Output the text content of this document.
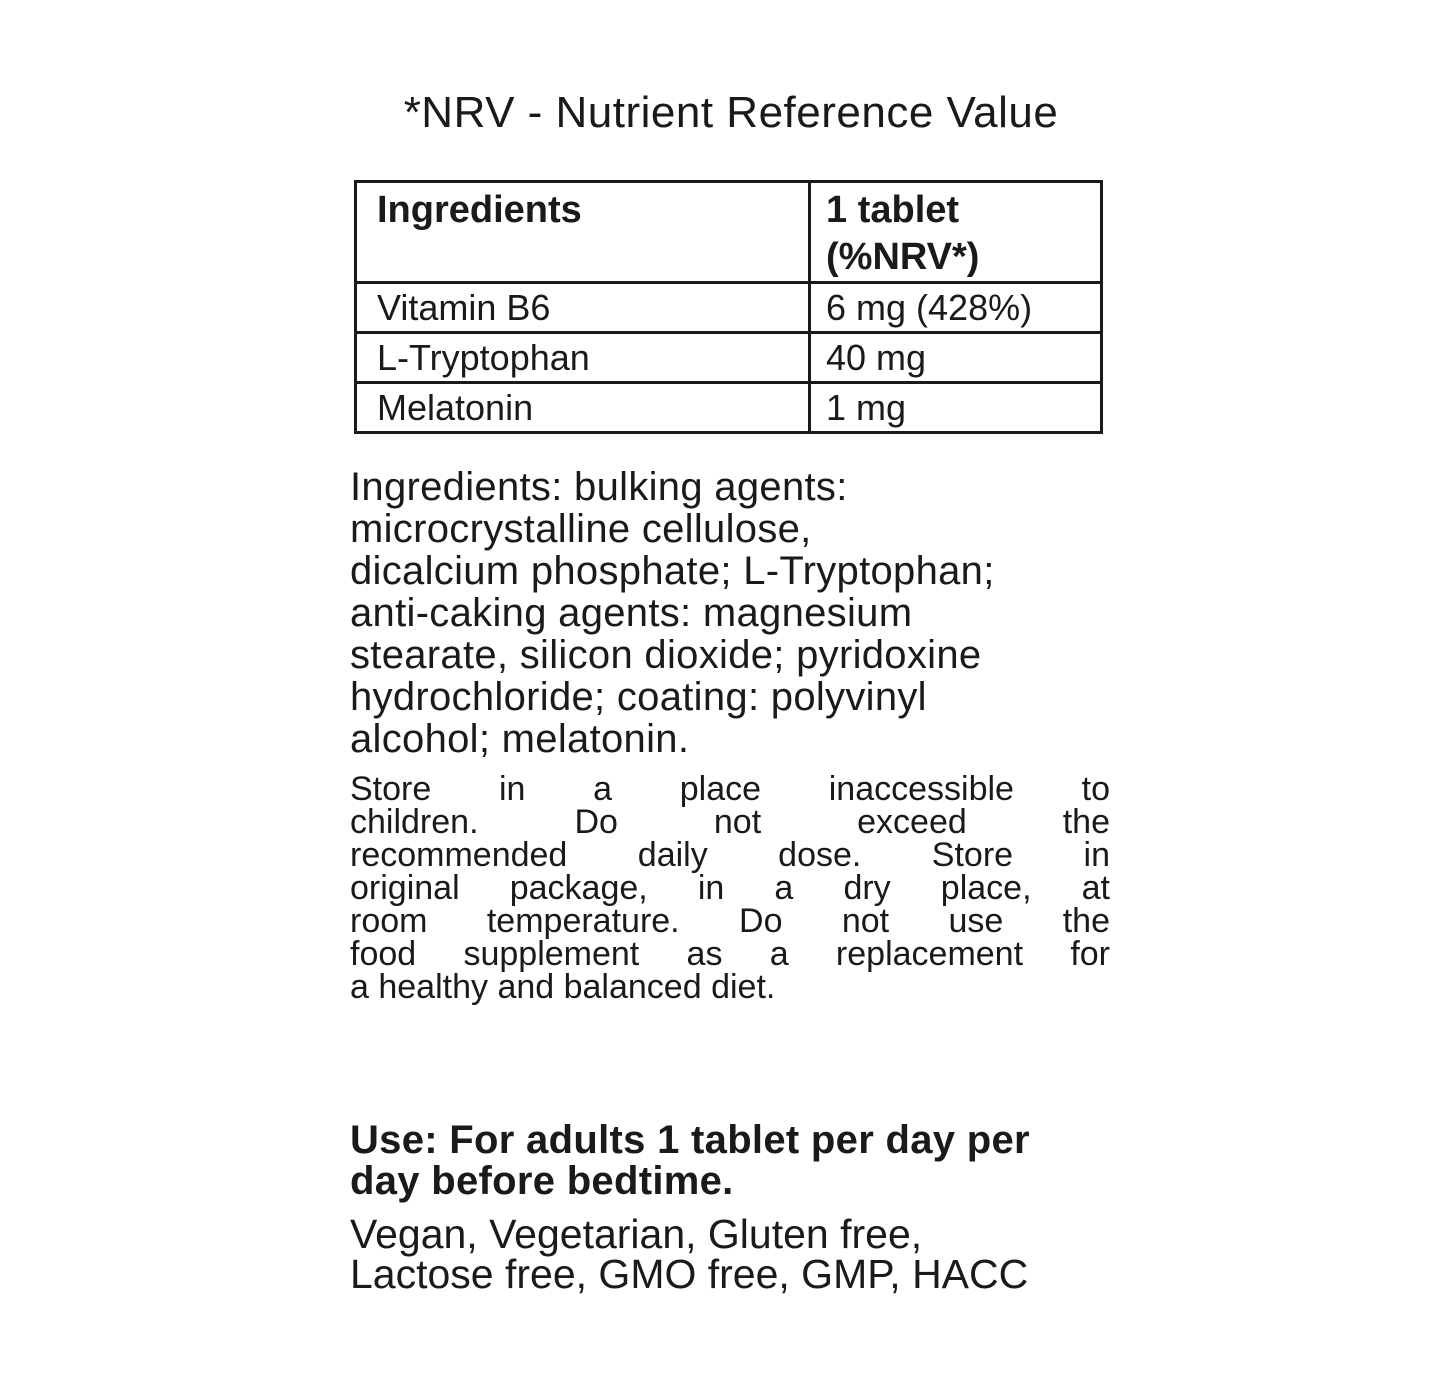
*NRV - Nutrient Reference Value
Ingredients	1 tablet (%NRV*)
Vitamin B6	6 mg (428%)
L-Tryptophan	40 mg
Melatonin	1 mg
Ingredients: bulking agents:
microcrystalline cellulose,
dicalcium phosphate; L-Tryptophan;
anti-caking agents: magnesium
stearate, silicon dioxide; pyridoxine
hydrochloride; coating: polyvinyl
alcohol; melatonin.
Store in a place inaccessible to
children. Do not exceed the
recommended daily dose. Store in
original package, in a dry place, at
room temperature. Do not use the
food supplement as a replacement for
a healthy and balanced diet.
Use: For adults 1 tablet per day per
day before bedtime.
Vegan, Vegetarian, Gluten free,
Lactose free, GMO free, GMP, HACC
